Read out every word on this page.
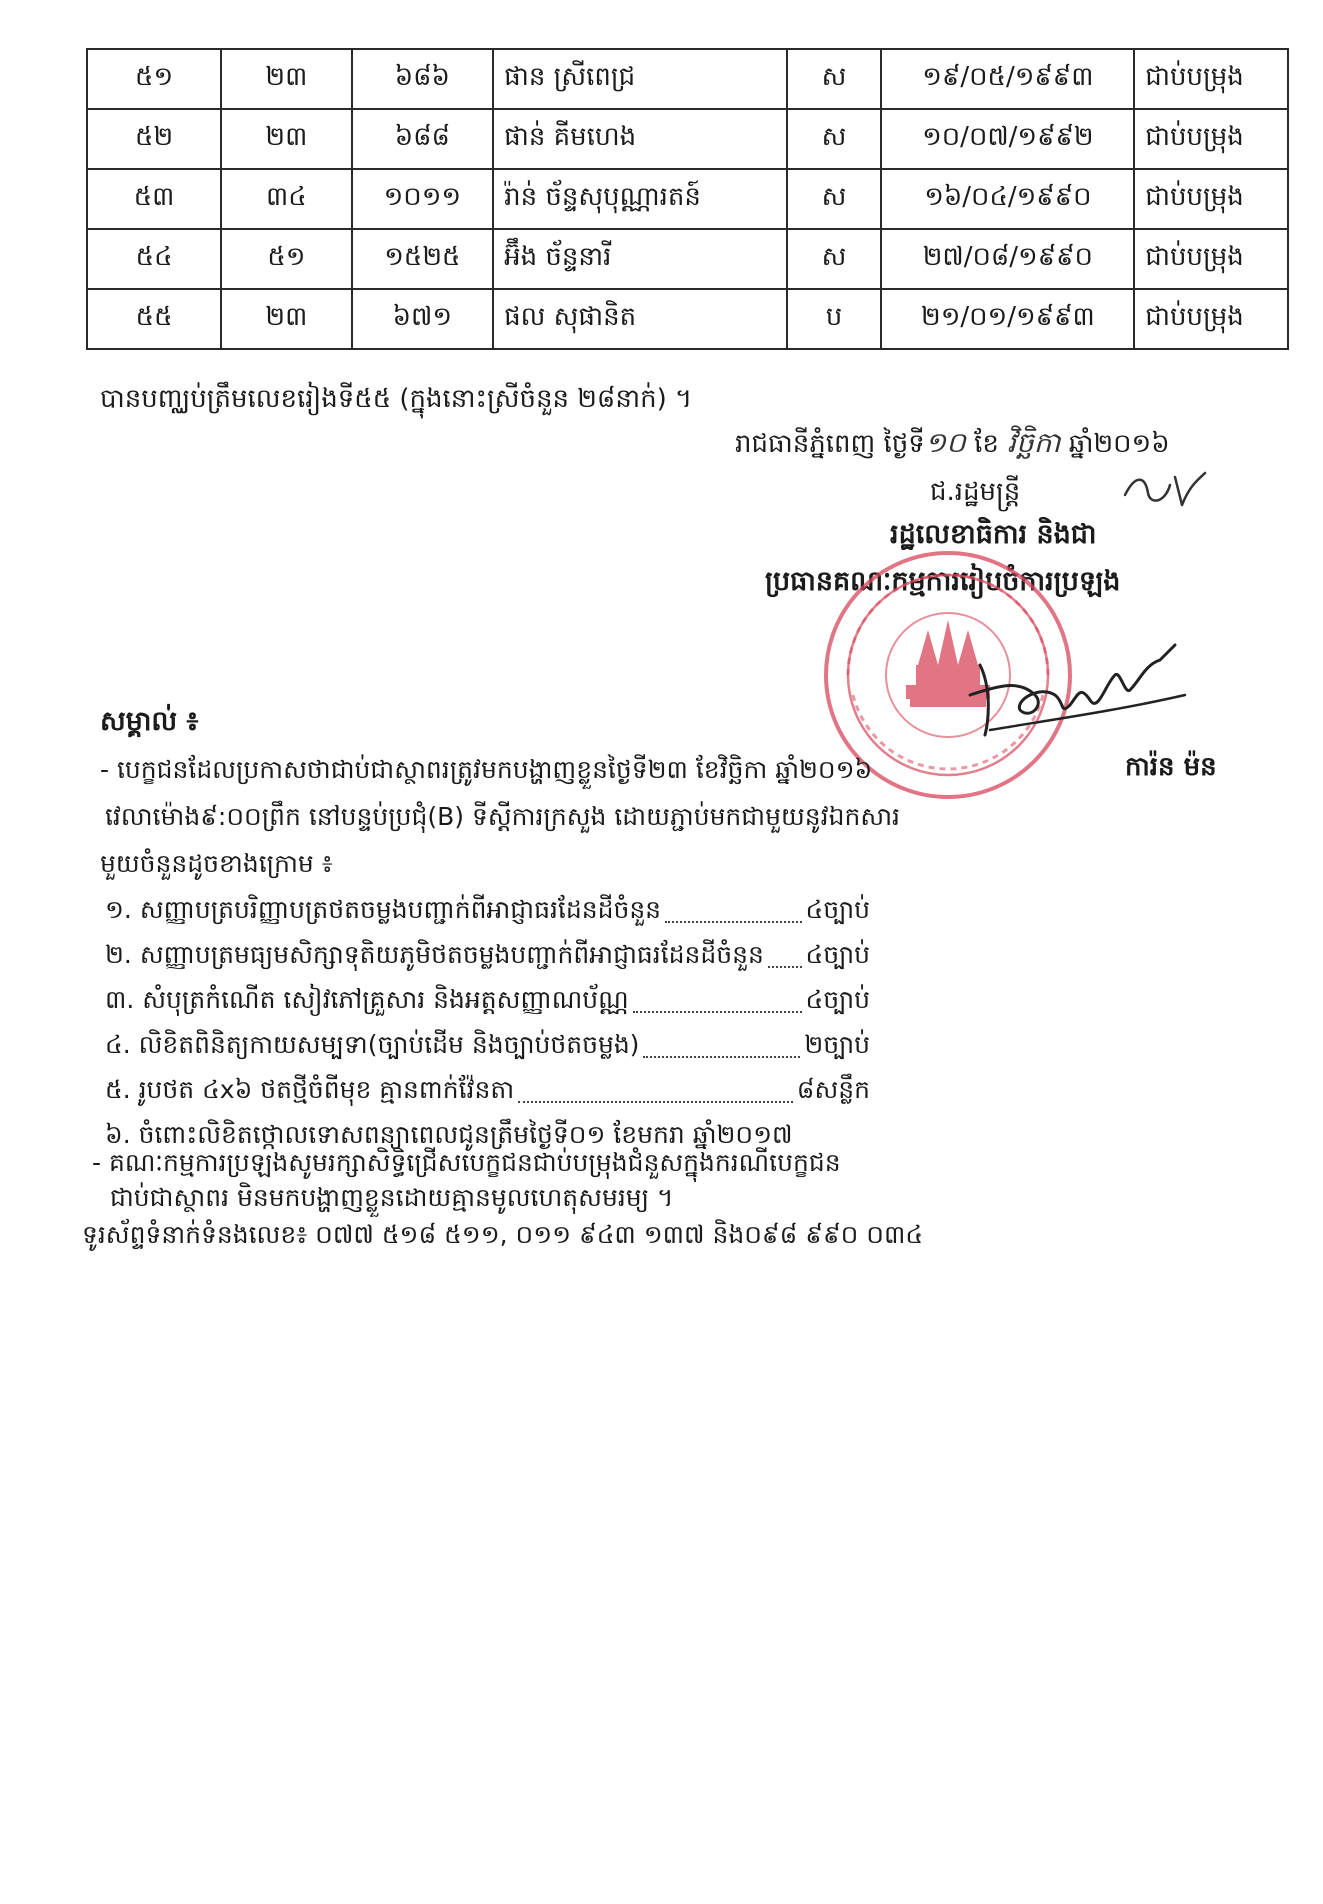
៥១	២៣	៦៨៦	ផាន ស្រីពេជ្រ	ស	១៩/០៥/១៩៩៣	ជាប់បម្រុង
៥២	២៣	៦៨៨	ផាន់ គីមហេង	ស	១០/០៧/១៩៩២	ជាប់បម្រុង
៥៣	៣៤	១០១១	រ៉ាន់ ច័ន្ទសុបុណ្ណារតន៍	ស	១៦/០៤/១៩៩០	ជាប់បម្រុង
៥៤	៥១	១៥២៥	អ៊ឹង ច័ន្ទនារី	ស	២៧/០៨/១៩៩០	ជាប់បម្រុង
៥៥	២៣	៦៧១	ផល សុផានិត	ប	២១/០១/១៩៩៣	ជាប់បម្រុង
បានបញ្ឈប់ត្រឹមលេខរៀងទី៥៥ (ក្នុងនោះស្រីចំនួន ២៨នាក់) ។
រាជធានីភ្នំពេញ ថ្ងៃទី១០ ខែ វិច្ឆិកា ឆ្នាំ២០១៦
ជ.រដ្ឋមន្ត្រី
រដ្ឋលេខាធិការ និងជា
ប្រធានគណៈកម្មការរៀបចំការប្រឡង
ការ៉ន ម៉ន
សម្គាល់ ៖
- បេក្ខជនដែលប្រកាសថាជាប់ជាស្ថាពរត្រូវមកបង្ហាញខ្លួនថ្ងៃទី២៣ ខែវិច្ឆិកា ឆ្នាំ២០១៦
វេលាម៉ោង៩:០០ព្រឹក នៅបន្ទប់ប្រជុំ(B) ទីស្តីការក្រសួង ដោយភ្ជាប់មកជាមួយនូវឯកសារ
មួយចំនួនដូចខាងក្រោម ៖
១. សញ្ញាបត្របរិញ្ញាបត្រថតចម្លងបញ្ជាក់ពីអាជ្ញាធរដែនដីចំនួន	៤ច្បាប់
២. សញ្ញាបត្រមធ្យមសិក្សាទុតិយភូមិថតចម្លងបញ្ជាក់ពីអាជ្ញាធរដែនដីចំនួន ៤ច្បាប់
៣. សំបុត្រកំណើត សៀវភៅគ្រួសារ និងអត្តសញ្ញាណប័ណ្ណ	៤ច្បាប់
៤. លិខិតពិនិត្យកាយសម្បទា(ច្បាប់ដើម និងច្បាប់ថតចម្លង)	២ច្បាប់
៥. រូបថត ៤x៦ ថតថ្មីចំពីមុខ គ្មានពាក់វ៉ែនតា	៨សន្លឹក
៦. ចំពោះលិខិតថ្កោលទោសពន្យាពេលជូនត្រឹមថ្ងៃទី០១ ខែមករា ឆ្នាំ២០១៧
- គណៈកម្មការប្រឡងសូមរក្សាសិទ្ធិជ្រើសបេក្ខជនជាប់បម្រុងជំនួសក្នុងករណីបេក្ខជន
ជាប់ជាស្ថាពរ មិនមកបង្ហាញខ្លួនដោយគ្មានមូលហេតុសមរម្យ ។
ទូរស័ព្ទទំនាក់ទំនងលេខ៖ ០៧៧ ៥១៨ ៥១១, ០១១ ៩៤៣ ១៣៧ និង០៩៨ ៩៩០ ០៣៤
